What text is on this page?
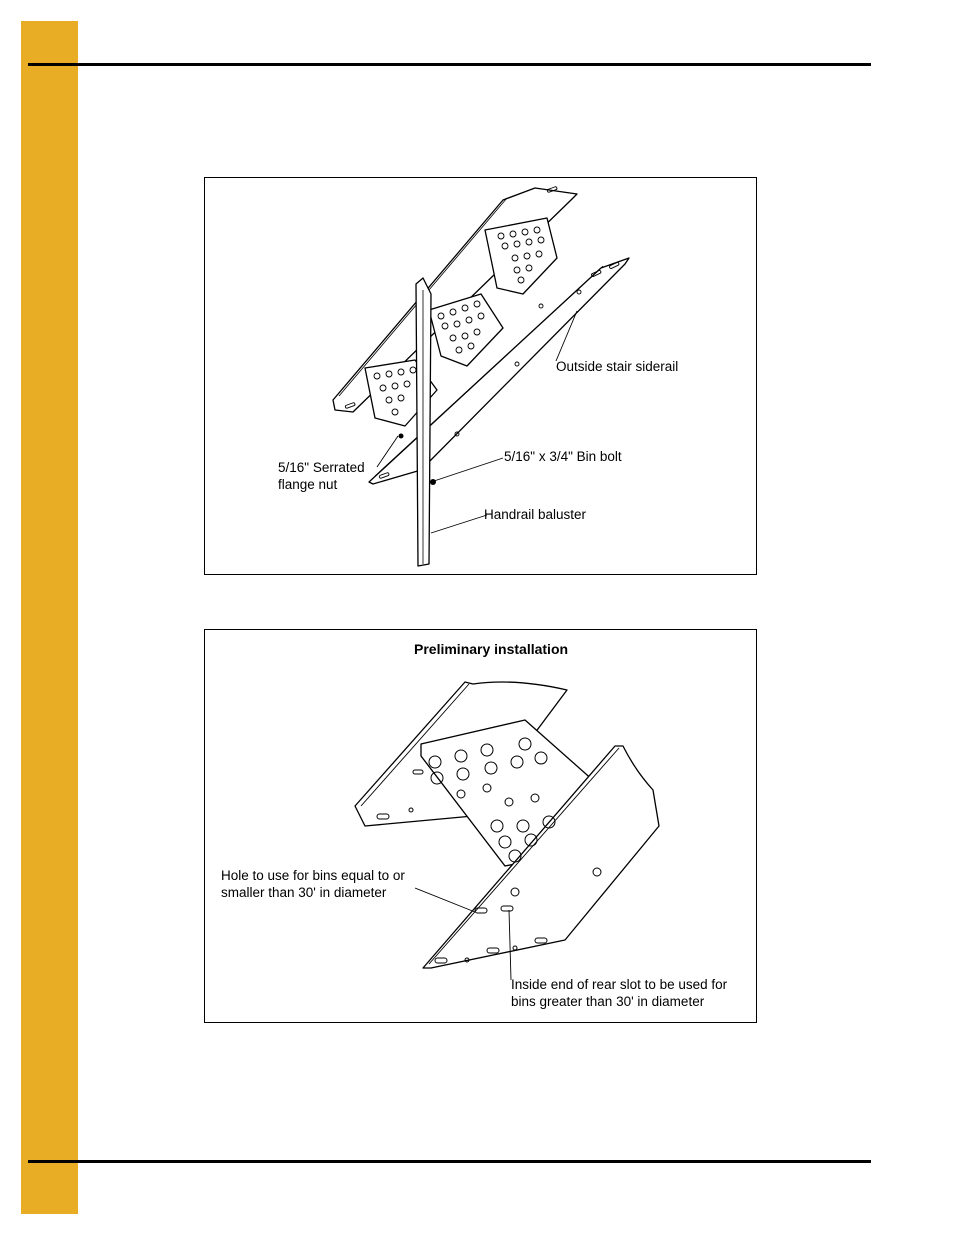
Outside stair siderail
5/16" x 3/4" Bin bolt
5/16" Serrated
flange nut
Handrail baluster
Preliminary installation
Hole to use for bins equal to or
smaller than 30' in diameter
Inside end of rear slot to be used for
bins greater than 30' in diameter
